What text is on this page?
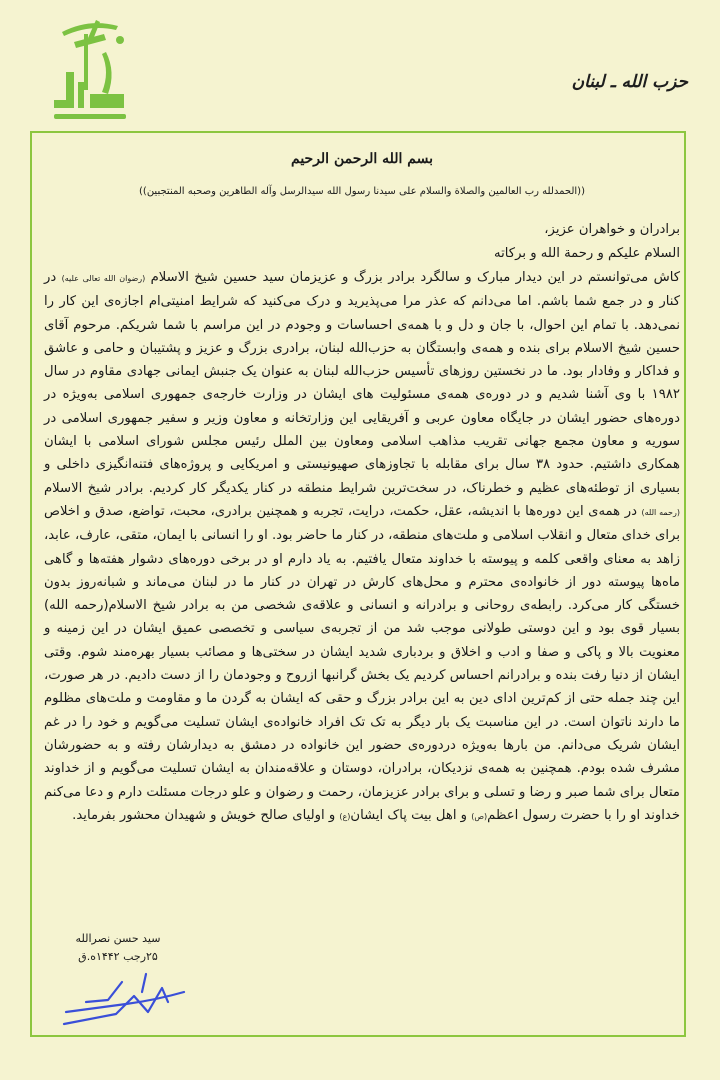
حزب الله ـ لبنان

بسم الله الرحمن الرحیم

((الحمدلله رب العالمین والصلاة والسلام علی سیدنا رسول الله سیدالرسل وآله الطاهرین وصحبه المنتجبین))

برادران و خواهران عزیز،

السلام علیکم و رحمة الله و برکاته

کاش می‌توانستم در این دیدار مبارک و سالگرد برادر بزرگ و عزیزمان سید حسین شیخ الاسلام (رضوان الله تعالی علیه) در کنار و در جمع شما باشم. اما می‌دانم که عذر مرا می‌پذیرید و درک می‌کنید که شرایط امنیتی‌ام اجازه‌ی این کار را نمی‌دهد. با تمام این احوال، با جان و دل و با همه‌ی احساسات و وجودم در این مراسم با شما شریکم. مرحوم آقای حسین شیخ الاسلام برای بنده و همه‌ی وابستگان به حزب‌الله لبنان، برادری بزرگ و عزیز و پشتیبان و حامی و عاشق و فداکار و وفادار بود. ما در نخستین روزهای تأسیس حزب‌الله لبنان به عنوان یک جنبش ایمانی جهادی مقاوم در سال ۱۹۸۲ با وی آشنا شدیم و در دوره‌ی همه‌ی مسئولیت های ایشان در وزارت خارجه‌ی جمهوری اسلامی به‌ویژه در دوره‌های حضور ایشان در جایگاه معاون عربی و آفریقایی این وزارتخانه و معاون وزیر و سفیر جمهوری اسلامی در سوریه و معاون مجمع جهانی تقریب مذاهب اسلامی ومعاون بین الملل رئیس مجلس شورای اسلامی با ایشان همکاری داشتیم. حدود ۳۸ سال برای مقابله با تجاوزهای صهیونیستی و امریکایی و پروژه‌های فتنه‌انگیزی داخلی و بسیاری از توطئه‌های عظیم و خطرناک، در سخت‌ترین شرایط منطقه در کنار یکدیگر کار کردیم. برادر شیخ الاسلام (رحمه الله) در همه‌ی این دوره‌ها با اندیشه، عقل، حکمت، درایت، تجربه و همچنین برادری، محبت، تواضع، صدق و اخلاص برای خدای متعال و انقلاب اسلامی و ملت‌های منطقه، در کنار ما حاضر بود. او را انسانی با ایمان، متقی، عارف، عابد، زاهد به معنای واقعی کلمه و پیوسته با خداوند متعال یافتیم. به یاد دارم او در برخی دوره‌های دشوار هفته‌ها و گاهی ماه‌ها پیوسته دور از خانواده‌ی محترم و محل‌های کارش در تهران در کنار ما در لبنان می‌ماند و شبانه‌روز بدون خستگی کار می‌کرد. رابطه‌ی روحانی و برادرانه و انسانی و علاقه‌ی شخصی من به برادر شیخ الاسلام(رحمه الله) بسیار قوی بود و این دوستی طولانی موجب شد من از تجربه‌ی سیاسی و تخصصی عمیق ایشان در این زمینه و معنویت بالا و پاکی و صفا و ادب و اخلاق و بردباری شدید ایشان در سختی‌ها و مصائب بسیار بهره‌مند شوم. وقتی ایشان از دنیا رفت بنده و برادرانم احساس کردیم یک بخش گرانبها ازروح و وجودمان را از دست دادیم. در هر صورت، این چند جمله حتی از کم‌ترین ادای دین به این برادر بزرگ و حقی که ایشان به گردن ما و مقاومت و ملت‌های مظلوم ما دارند ناتوان است. در این مناسبت یک بار دیگر به تک تک افراد خانواده‌ی ایشان تسلیت می‌گویم و خود را در غم ایشان شریک می‌دانم. من بارها به‌ویژه دردوره‌ی حضور این خانواده در دمشق به دیدارشان رفته و به حضورشان مشرف شده بودم. همچنین به همه‌ی نزدیکان، برادران، دوستان و علاقه‌مندان به ایشان تسلیت می‌گویم و از خداوند متعال برای شما صبر و رضا و تسلی و برای برادر عزیزمان، رحمت و رضوان و علو درجات مسئلت دارم و دعا می‌کنم خداوند او را با حضرت رسول اعظم(ص) و اهل بیت پاک ایشان(ع) و اولیای صالح خویش و شهیدان محشور بفرماید.

سید حسن نصرالله
۲۵رجب ۱۴۴۲ه.ق
